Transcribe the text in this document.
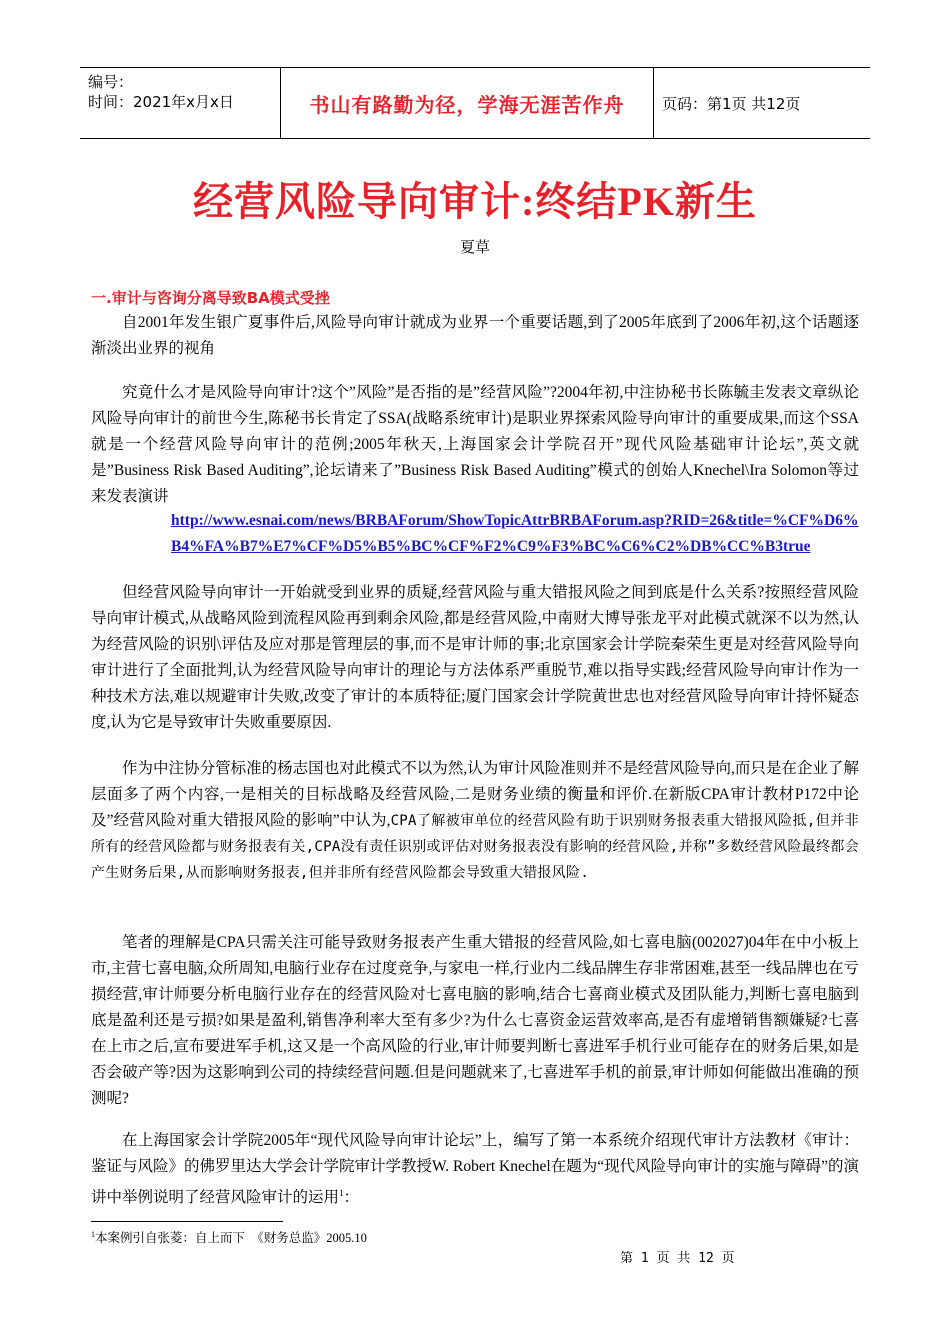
编号：
时间：2021年x月x日	书山有路勤为径，学海无涯苦作舟	页码：第1页 共12页
经营风险导向审计:终结PK新生
夏草
一.审计与咨询分离导致BA模式受挫

自2001年发生银广夏事件后,风险导向审计就成为业界一个重要话题,到了2005年底到了2006年初,这个话题逐渐淡出业界的视角

究竟什么才是风险导向审计?这个”风险”是否指的是”经营风险”?2004年初,中注协秘书长陈毓圭发表文章纵论风险导向审计的前世今生,陈秘书长肯定了SSA(战略系统审计)是职业界探索风险导向审计的重要成果,而这个SSA就是一个经营风险导向审计的范例;2005年秋天,上海国家会计学院召开”现代风险基础审计论坛”,英文就是”Business Risk Based Auditing”,论坛请来了”Business Risk Based Auditing”模式的创始人Knechel\Ira Solomon等过来发表演讲

http://www.esnai.com/news/BRBAForum/ShowTopicAttrBRBAForum.asp?RID=26&title=%CF%D6%B4%FA%B7%E7%CF%D5%B5%BC%CF%F2%C9%F3%BC%C6%C2%DB%CC%B3true

但经营风险导向审计一开始就受到业界的质疑,经营风险与重大错报风险之间到底是什么关系?按照经营风险导向审计模式,从战略风险到流程风险再到剩余风险,都是经营风险,中南财大博导张龙平对此模式就深不以为然,认为经营风险的识别\评估及应对那是管理层的事,而不是审计师的事;北京国家会计学院秦荣生更是对经营风险导向审计进行了全面批判,认为经营风险导向审计的理论与方法体系严重脱节,难以指导实践;经营风险导向审计作为一种技术方法,难以规避审计失败,改变了审计的本质特征;厦门国家会计学院黄世忠也对经营风险导向审计持怀疑态度,认为它是导致审计失败重要原因.

作为中注协分管标准的杨志国也对此模式不以为然,认为审计风险准则并不是经营风险导向,而只是在企业了解层面多了两个内容,一是相关的目标战略及经营风险,二是财务业绩的衡量和评价.在新版CPA审计教材P172中论及”经营风险对重大错报风险的影响”中认为,CPA了解被审单位的经营风险有助于识别财务报表重大错报风险抵,但并非所有的经营风险都与财务报表有关,CPA没有责任识别或评估对财务报表没有影响的经营风险,并称”多数经营风险最终都会产生财务后果,从而影响财务报表,但并非所有经营风险都会导致重大错报风险.

笔者的理解是CPA只需关注可能导致财务报表产生重大错报的经营风险,如七喜电脑(002027)04年在中小板上市,主营七喜电脑,众所周知,电脑行业存在过度竞争,与家电一样,行业内二线品牌生存非常困难,甚至一线品牌也在亏损经营,审计师要分析电脑行业存在的经营风险对七喜电脑的影响,结合七喜商业模式及团队能力,判断七喜电脑到底是盈利还是亏损?如果是盈利,销售净利率大至有多少?为什么七喜资金运营效率高,是否有虚增销售额嫌疑?七喜在上市之后,宣布要进军手机,这又是一个高风险的行业,审计师要判断七喜进军手机行业可能存在的财务后果,如是否会破产等?因为这影响到公司的持续经营问题.但是问题就来了,七喜进军手机的前景,审计师如何能做出准确的预测呢?

在上海国家会计学院2005年“现代风险导向审计论坛”上，编写了第一本系统介绍现代审计方法教材《审计：鉴证与风险》的佛罗里达大学会计学院审计学教授W. Robert Knechel在题为“现代风险导向审计的实施与障碍”的演讲中举例说明了经营风险审计的运用$^1$：

$^1$本案例引自张菱：自上而下　《财务总监》2005.10
第 1 页 共 12 页
